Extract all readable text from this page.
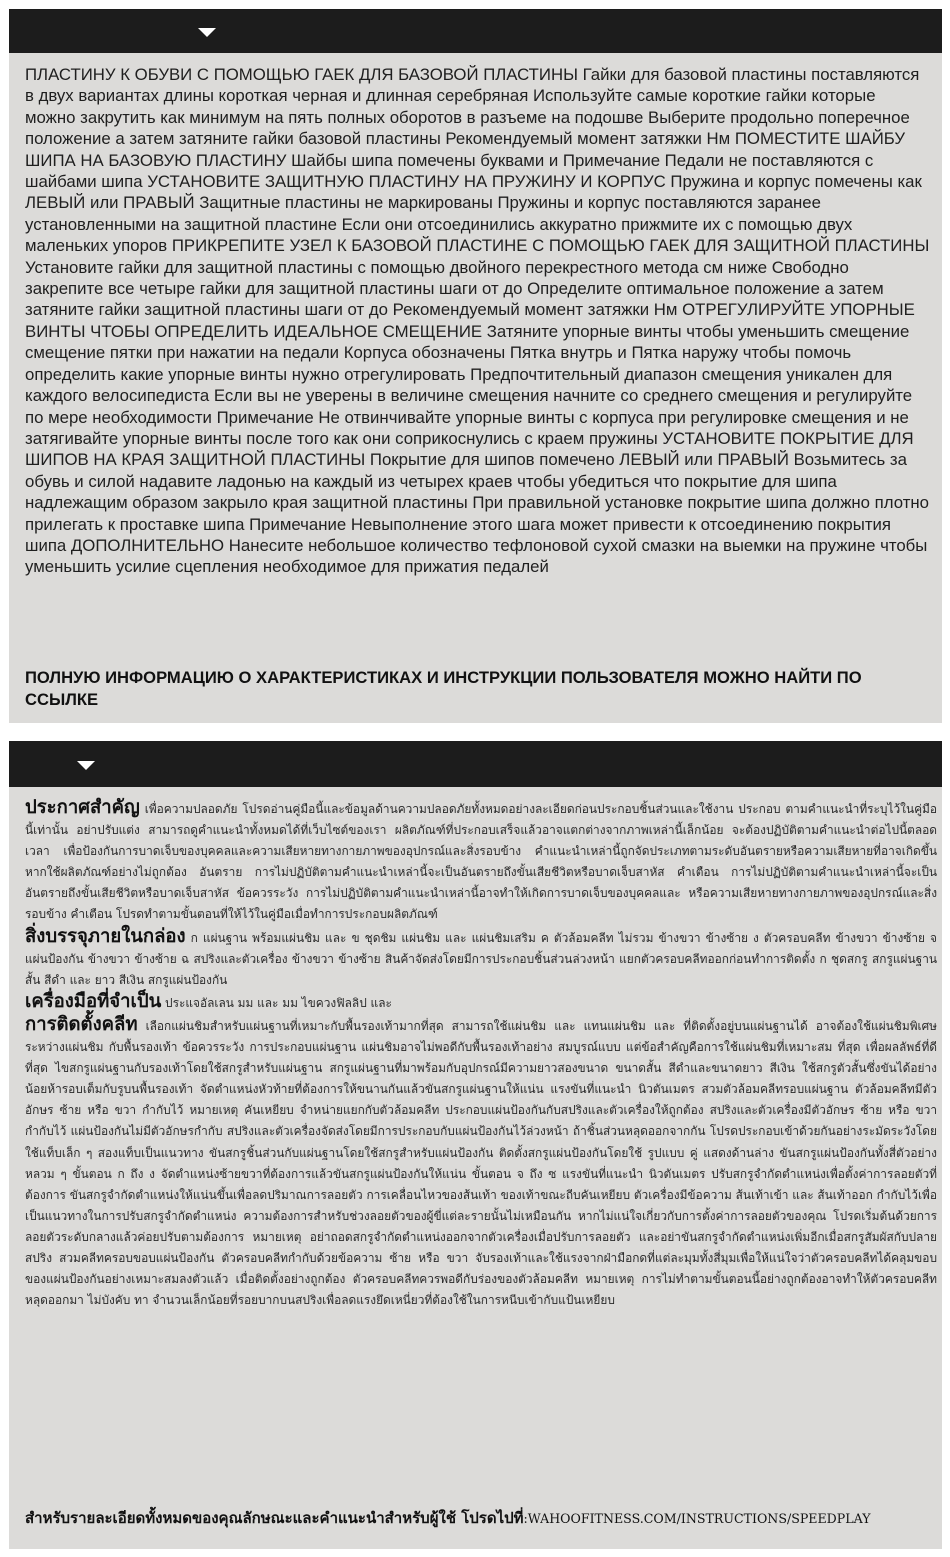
ПЛАСТИНУ К ОБУВИ С ПОМОЩЬЮ ГАЕК ДЛЯ БАЗОВОЙ ПЛАСТИНЫ Гайки для базовой пластины поставляются в двух вариантах длины короткая черная и длинная серебряная Используйте самые короткие гайки которые можно закрутить как минимум на пять полных оборотов в разъеме на подошве Выберите продольно поперечное положение а затем затяните гайки базовой пластины Рекомендуемый момент затяжки Нм ПОМЕСТИТЕ ШАЙБУ ШИПА НА БАЗОВУЮ ПЛАСТИНУ Шайбы шипа помечены буквами и Примечание Педали не поставляются с шайбами шипа УСТАНОВИТЕ ЗАЩИТНУЮ ПЛАСТИНУ НА ПРУЖИНУ И КОРПУС Пружина и корпус помечены как ЛЕВЫЙ или ПРАВЫЙ Защитные пластины не маркированы Пружины и корпус поставляются заранее установленными на защитной пластине Если они отсоединились аккуратно прижмите их с помощью двух маленьких упоров ПРИКРЕПИТЕ УЗЕЛ К БАЗОВОЙ ПЛАСТИНЕ С ПОМОЩЬЮ ГАЕК ДЛЯ ЗАЩИТНОЙ ПЛАСТИНЫ Установите гайки для защитной пластины с помощью двойного перекрестного метода см ниже Свободно закрепите все четыре гайки для защитной пластины шаги от до Определите оптимальное положение а затем затяните гайки защитной пластины шаги от до Рекомендуемый момент затяжки Нм ОТРЕГУЛИРУЙТЕ УПОРНЫЕ ВИНТЫ ЧТОБЫ ОПРЕДЕЛИТЬ ИДЕАЛЬНОЕ СМЕЩЕНИЕ Затяните упорные винты чтобы уменьшить смещение смещение пятки при нажатии на педали Корпуса обозначены Пятка внутрь и Пятка наружу чтобы помочь определить какие упорные винты нужно отрегулировать Предпочтительный диапазон смещения уникален для каждого велосипедиста Если вы не уверены в величине смещения начните со среднего смещения и регулируйте по мере необходимости Примечание Не отвинчивайте упорные винты с корпуса при регулировке смещения и не затягивайте упорные винты после того как они соприкоснулись с краем пружины УСТАНОВИТЕ ПОКРЫТИЕ ДЛЯ ШИПОВ НА КРАЯ ЗАЩИТНОЙ ПЛАСТИНЫ Покрытие для шипов помечено ЛЕВЫЙ или ПРАВЫЙ Возьмитесь за обувь и силой надавите ладонью на каждый из четырех краев чтобы убедиться что покрытие для шипа надлежащим образом закрыло края защитной пластины При правильной установке покрытие шипа должно плотно прилегать к проставке шипа Примечание Невыполнение этого шага может привести к отсоединению покрытия шипа ДОПОЛНИТЕЛЬНО Нанесите небольшое количество тефлоновой сухой смазки на выемки на пружине чтобы уменьшить усилие сцепления необходимое для прижатия педалей
ПОЛНУЮ ИНФОРМАЦИЮ О ХАРАКТЕРИСТИКАХ И ИНСТРУКЦИИ ПОЛЬЗОВАТЕЛЯ МОЖНО НАЙТИ ПО ССЫЛКЕ
ประกาศสำคัญ เพื่อความปลอดภัย โปรดอ่านคู่มือนี้และข้อมูลด้านความปลอดภัยทั้งหมดอย่างละเอียดก่อนประกอบชิ้นส่วนและใช้งาน ประกอบ ตามคำแนะนำที่ระบุไว้ในคู่มือนี้เท่านั้น อย่าปรับแต่ง สามารถดูคำแนะนำทั้งหมดได้ที่เว็บไซต์ของเรา ผลิตภัณฑ์ที่ประกอบเสร็จแล้วอาจแตกต่างจากภาพเหล่านี้เล็กน้อย จะต้องปฏิบัติตามคำแนะนำต่อไปนี้ตลอดเวลา เพื่อป้องกันการบาดเจ็บของบุคคลและความเสียหายทางกายภาพของอุปกรณ์และสิ่งรอบข้าง คำแนะนำเหล่านี้ถูกจัดประเภทตามระดับอันตรายหรือความเสียหายที่อาจเกิดขึ้น หากใช้ผลิตภัณฑ์อย่างไม่ถูกต้อง อันตราย การไม่ปฏิบัติตามคำแนะนำเหล่านี้จะเป็นอันตรายถึงขั้นเสียชีวิตหรือบาดเจ็บสาหัส คำเตือน การไม่ปฏิบัติตามคำแนะนำเหล่านี้จะเป็นอันตรายถึงขั้นเสียชีวิตหรือบาดเจ็บสาหัส ข้อควรระวัง การไม่ปฏิบัติตามคำแนะนำเหล่านี้อาจทำให้เกิดการบาดเจ็บของบุคคลและ หรือความเสียหายทางกายภาพของอุปกรณ์และสิ่งรอบข้าง คำเตือน โปรดทำตามขั้นตอนที่ให้ไว้ในคู่มือเมื่อทำการประกอบผลิตภัณฑ์
สิ่งบรรจุภายในกล่อง ก แผ่นฐาน พร้อมแผ่นชิม และ ข ชุดชิม แผ่นชิม และ แผ่นชิมเสริม ค ตัวล้อมคลีท ไม่รวม ข้างขวา ข้างซ้าย ง ตัวครอบคลีท ข้างขวา ข้างซ้าย จ แผ่นป้องกัน ข้างขวา ข้างซ้าย ฉ สปริงและตัวเครื่อง ข้างขวา ข้างซ้าย สินค้าจัดส่งโดยมีการประกอบชิ้นส่วนล่วงหน้า แยกตัวครอบคลีทออกก่อนทำการติดตั้ง ก ชุดสกรู สกรูแผ่นฐาน สั้น สีดำ และ ยาว สีเงิน สกรูแผ่นป้องกัน
เครื่องมือที่จำเป็น ประแจอัลเลน มม และ มม ไขควงฟิลลิป และ
การติดตั้งคลีท เลือกแผ่นชิมสำหรับแผ่นฐานที่เหมาะกับพื้นรองเท้ามากที่สุด สามารถใช้แผ่นชิม และ แทนแผ่นชิม และ ที่ติดตั้งอยู่บนแผ่นฐานได้ อาจต้องใช้แผ่นชิมพิเศษระหว่างแผ่นชิม กับพื้นรองเท้า ข้อควรระวัง การประกอบแผ่นฐาน แผ่นชิมอาจไม่พอดีกับพื้นรองเท้าอย่าง สมบูรณ์แบบ แต่ข้อสำคัญคือการใช้แผ่นชิมที่เหมาะสม ที่สุด เพื่อผลลัพธ์ที่ดีที่สุด ไขสกรูแผ่นฐานกับรองเท้าโดยใช้สกรูสำหรับแผ่นฐาน สกรูแผ่นฐานที่มาพร้อมกับอุปกรณ์มีความยาวสองขนาด ขนาดสั้น สีดำและขนาดยาว สีเงิน ใช้สกรูตัวสั้นซึ่งขันได้อย่างน้อยห้ารอบเต็มกับรูบนพื้นรองเท้า จัดตำแหน่งหัวท้ายที่ต้องการให้ขนานกันแล้วขันสกรูแผ่นฐานให้แน่น แรงขันที่แนะนำ นิวตันเมตร สวมตัวล้อมคลีทรอบแผ่นฐาน ตัวล้อมคลีทมีตัวอักษร ซ้าย หรือ ขวา กำกับไว้ หมายเหตุ คันเหยียบ จำหน่ายแยกกับตัวล้อมคลีท ประกอบแผ่นป้องกันกับสปริงและตัวเครื่องให้ถูกต้อง สปริงและตัวเครื่องมีตัวอักษร ซ้าย หรือ ขวา กำกับไว้ แผ่นป้องกันไม่มีตัวอักษรกำกับ สปริงและตัวเครื่องจัดส่งโดยมีการประกอบกับแผ่นป้องกันไว้ล่วงหน้า ถ้าชิ้นส่วนหลุดออกจากกัน โปรดประกอบเข้าด้วยกันอย่างระมัดระวังโดยใช้แท็บเล็ก ๆ สองแท็บเป็นแนวทาง ขันสกรูชิ้นส่วนกับแผ่นฐานโดยใช้สกรูสำหรับแผ่นป้องกัน ติดตั้งสกรูแผ่นป้องกันโดยใช้ รูปแบบ คู่ แสดงด้านล่าง ขันสกรูแผ่นป้องกันทั้งสี่ตัวอย่างหลวม ๆ ขั้นตอน ก ถึง ง จัดตำแหน่งซ้ายขวาที่ต้องการแล้วขันสกรูแผ่นป้องกันให้แน่น ขั้นตอน จ ถึง ซ แรงขันที่แนะนำ นิวตันเมตร ปรับสกรูจำกัดตำแหน่งเพื่อตั้งค่าการลอยตัวที่ต้องการ ขันสกรูจำกัดตำแหน่งให้แน่นขึ้นเพื่อลดปริมาณการลอยตัว การเคลื่อนไหวของส้นเท้า ของเท้าขณะถีบคันเหยียบ ตัวเครื่องมีข้อความ ส้นเท้าเข้า และ ส้นเท้าออก กำกับไว้เพื่อเป็นแนวทางในการปรับสกรูจำกัดตำแหน่ง ความต้องการสำหรับช่วงลอยตัวของผู้ขี่แต่ละรายนั้นไม่เหมือนกัน หากไม่แน่ใจเกี่ยวกับการตั้งค่าการลอยตัวของคุณ โปรดเริ่มต้นด้วยการลอยตัวระดับกลางแล้วค่อยปรับตามต้องการ หมายเหตุ อย่าถอดสกรูจำกัดตำแหน่งออกจากตัวเครื่องเมื่อปรับการลอยตัว และอย่าขันสกรูจำกัดตำแหน่งเพิ่มอีกเมื่อสกรูสัมผัสกับปลายสปริง สวมคลีทครอบขอบแผ่นป้องกัน ตัวครอบคลีทกำกับด้วยข้อความ ซ้าย หรือ ขวา จับรองเท้าและใช้แรงจากฝ่ามือกดที่แต่ละมุมทั้งสี่มุมเพื่อให้แน่ใจว่าตัวครอบคลีทได้คลุมขอบของแผ่นป้องกันอย่างเหมาะสมลงตัวแล้ว เมื่อติดตั้งอย่างถูกต้อง ตัวครอบคลีทควรพอดีกับร่องของตัวล้อมคลีท หมายเหตุ การไม่ทำตามขั้นตอนนี้อย่างถูกต้องอาจทำให้ตัวครอบคลีทหลุดออกมา ไม่บังคับ ทา จำนวนเล็กน้อยที่รอยบากบนสปริงเพื่อลดแรงยึดเหนี่ยวที่ต้องใช้ในการหนีบเข้ากับแป้นเหยียบ
สำหรับรายละเอียดทั้งหมดของคุณลักษณะและคำแนะนำสำหรับผู้ใช้ โปรดไปที่:WAHOOFITNESS.COM/INSTRUCTIONS/SPEEDPLAY
